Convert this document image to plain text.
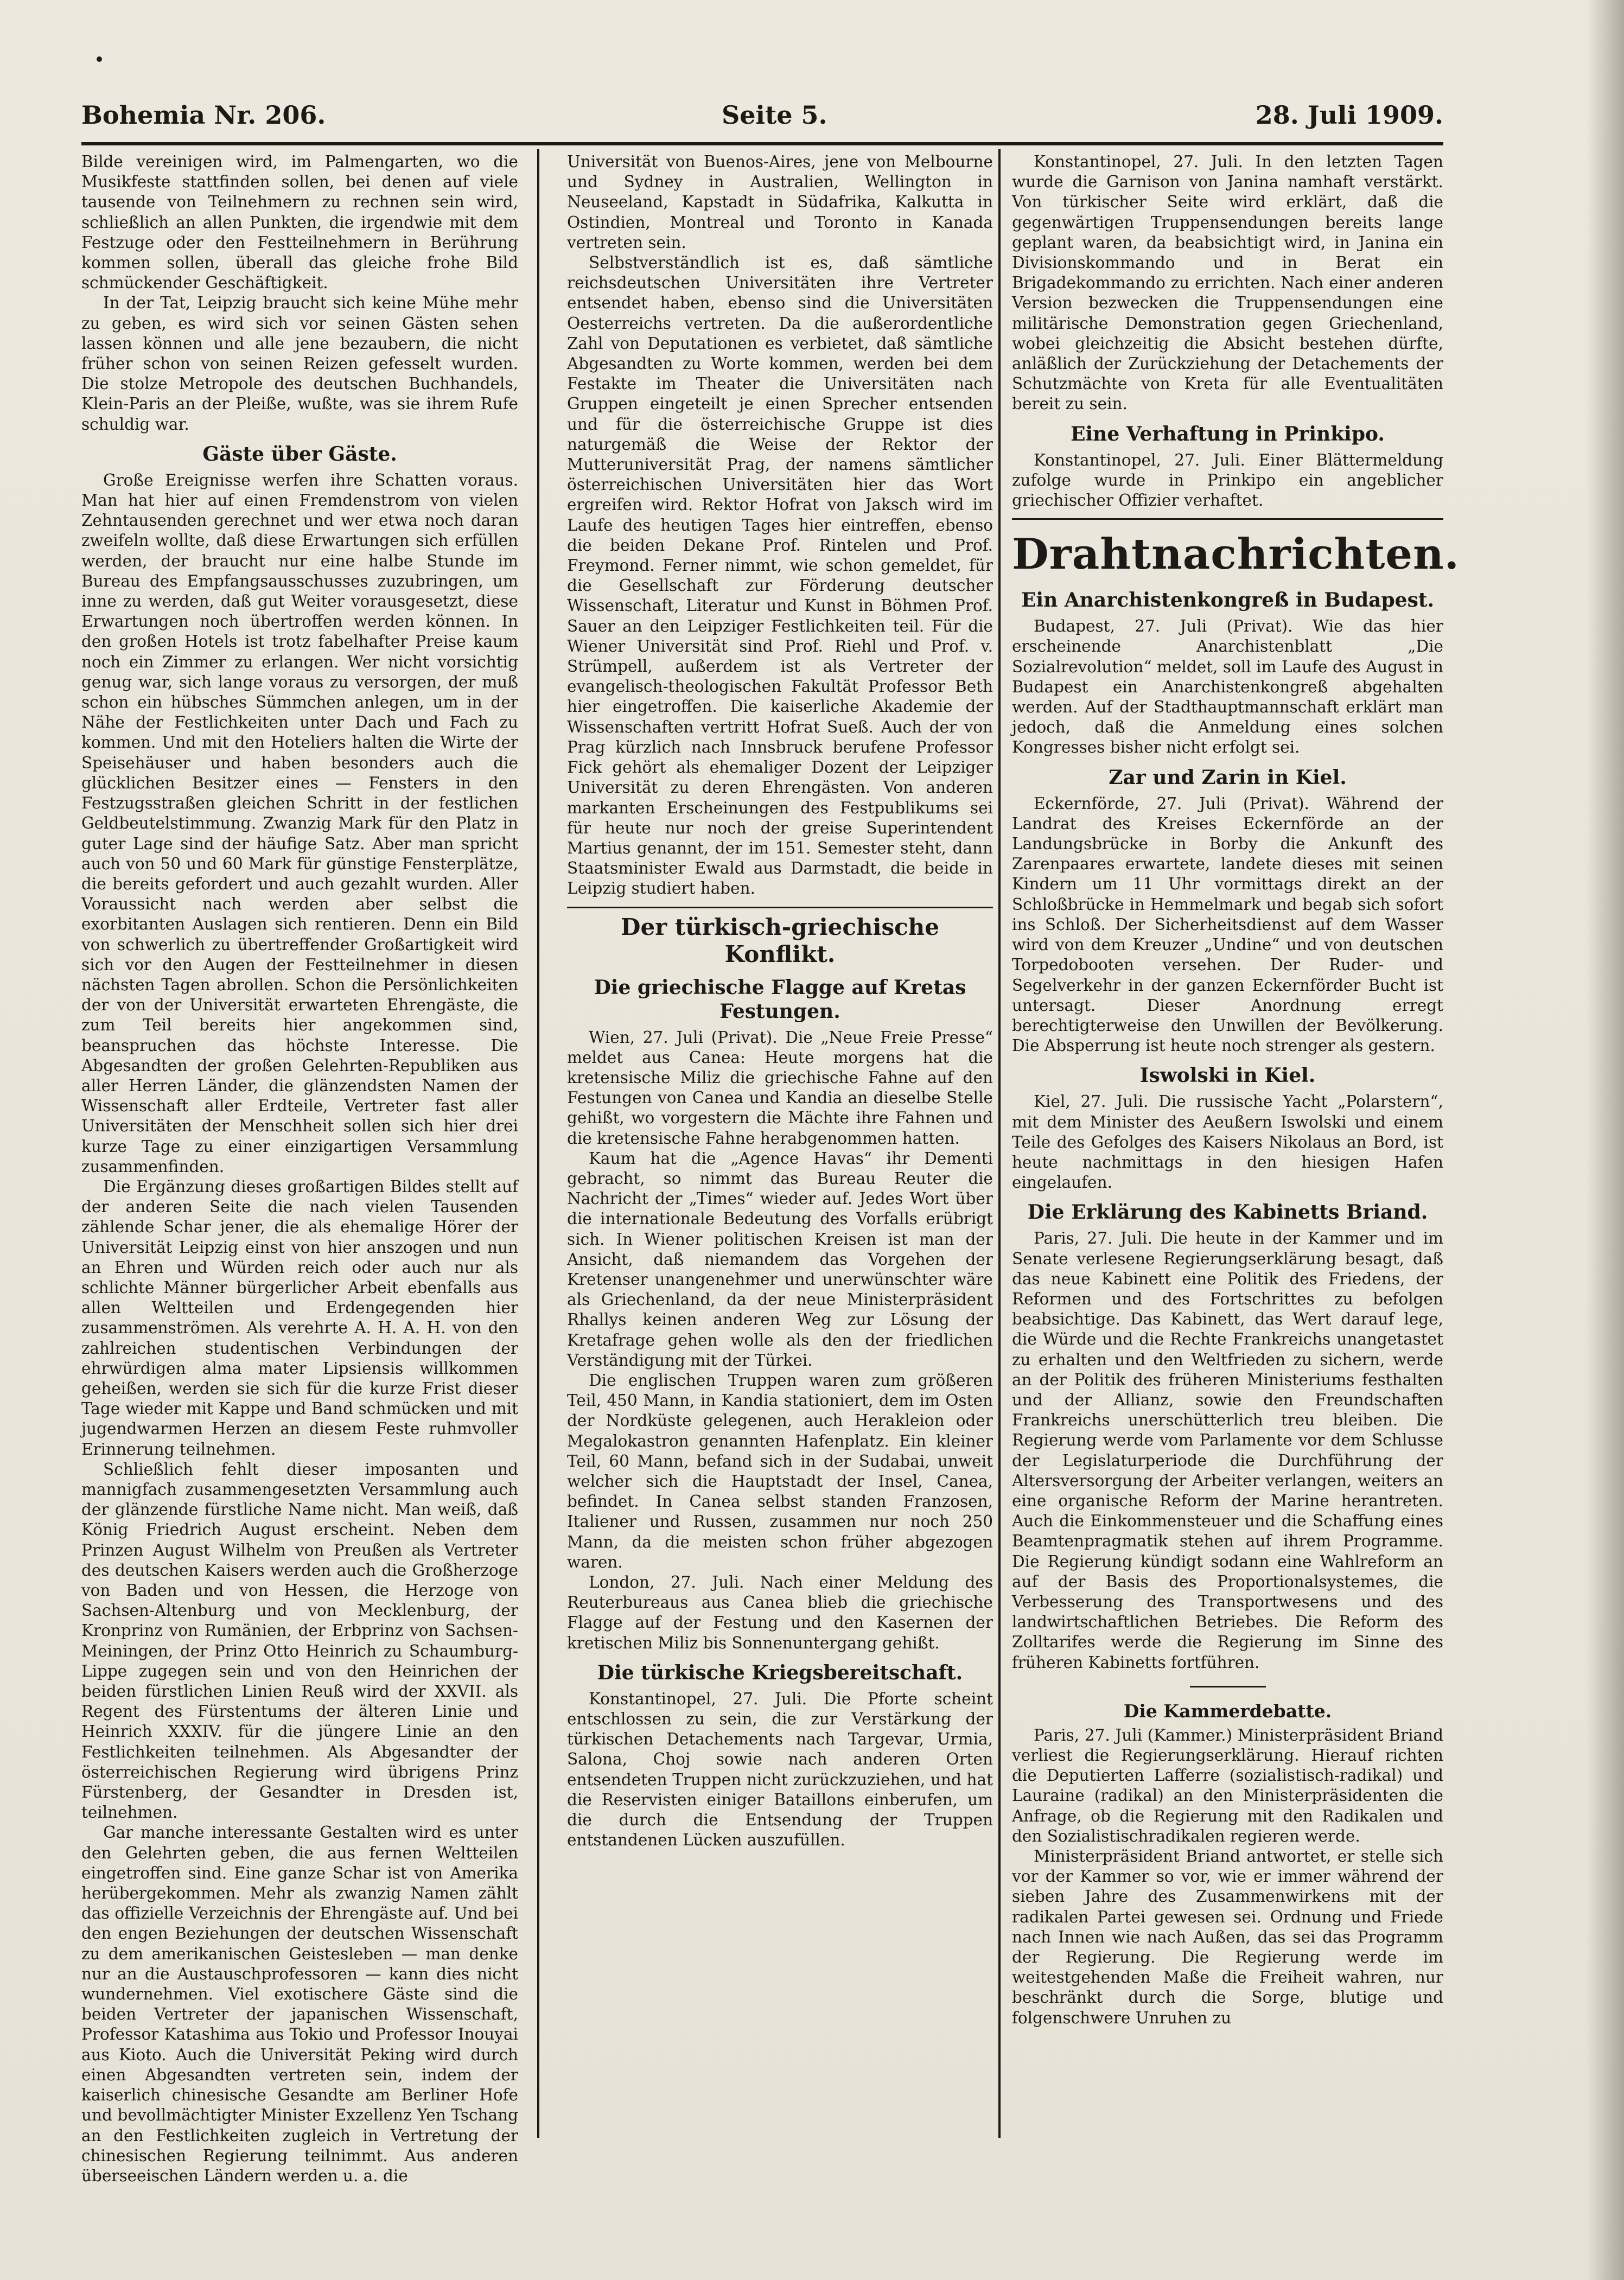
Bohemia Nr. 206.	Seite 5.	28. Juli 1909.

Bilde vereinigen wird, im Palmengarten, wo die Musikfeste stattfinden sollen, bei denen auf viele tausende von Teilnehmern zu rechnen sein wird, schließlich an allen Punkten, die irgendwie mit dem Festzuge oder den Festteilnehmern in Berührung kommen sollen, überall das gleiche frohe Bild schmückender Geschäftigkeit.

In der Tat, Leipzig braucht sich keine Mühe mehr zu geben, es wird sich vor seinen Gästen sehen lassen können und alle jene bezaubern, die nicht früher schon von seinen Reizen gefesselt wurden. Die stolze Metropole des deutschen Buchhandels, Klein-Paris an der Pleiße, wußte, was sie ihrem Rufe schuldig war.

Gäste über Gäste.

Große Ereignisse werfen ihre Schatten voraus. Man hat hier auf einen Fremdenstrom von vielen Zehntausenden gerechnet und wer etwa noch daran zweifeln wollte, daß diese Erwartungen sich erfüllen werden, der braucht nur eine halbe Stunde im Bureau des Empfangsausschusses zuzubringen, um inne zu werden, daß gut Weiter vorausgesetzt, diese Erwartungen noch übertroffen werden können. In den großen Hotels ist trotz fabelhafter Preise kaum noch ein Zimmer zu erlangen. Wer nicht vorsichtig genug war, sich lange voraus zu versorgen, der muß schon ein hübsches Sümmchen anlegen, um in der Nähe der Festlichkeiten unter Dach und Fach zu kommen. Und mit den Hoteliers halten die Wirte der Speisehäuser und haben besonders auch die glücklichen Besitzer eines — Fensters in den Festzugsstraßen gleichen Schritt in der festlichen Geldbeutelstimmung. Zwanzig Mark für den Platz in guter Lage sind der häufige Satz. Aber man spricht auch von 50 und 60 Mark für günstige Fensterplätze, die bereits gefordert und auch gezahlt wurden. Aller Voraussicht nach werden aber selbst die exorbitanten Auslagen sich rentieren. Denn ein Bild von schwerlich zu übertreffender Großartigkeit wird sich vor den Augen der Festteilnehmer in diesen nächsten Tagen abrollen. Schon die Persönlichkeiten der von der Universität erwarteten Ehrengäste, die zum Teil bereits hier angekommen sind, beanspruchen das höchste Interesse. Die Abgesandten der großen Gelehrten-Republiken aus aller Herren Länder, die glänzendsten Namen der Wissenschaft aller Erdteile, Vertreter fast aller Universitäten der Menschheit sollen sich hier drei kurze Tage zu einer einzigartigen Versammlung zusammenfinden.

Die Ergänzung dieses großartigen Bildes stellt auf der anderen Seite die nach vielen Tausenden zählende Schar jener, die als ehemalige Hörer der Universität Leipzig einst von hier anszogen und nun an Ehren und Würden reich oder auch nur als schlichte Männer bürgerlicher Arbeit ebenfalls aus allen Weltteilen und Erdengegenden hier zusammenströmen. Als verehrte A. H. A. H. von den zahlreichen studentischen Verbindungen der ehrwürdigen alma mater Lipsiensis willkommen geheißen, werden sie sich für die kurze Frist dieser Tage wieder mit Kappe und Band schmücken und mit jugendwarmen Herzen an diesem Feste ruhmvoller Erinnerung teilnehmen.

Schließlich fehlt dieser imposanten und mannigfach zusammengesetzten Versammlung auch der glänzende fürstliche Name nicht. Man weiß, daß König Friedrich August erscheint. Neben dem Prinzen August Wilhelm von Preußen als Vertreter des deutschen Kaisers werden auch die Großherzoge von Baden und von Hessen, die Herzoge von Sachsen-Altenburg und von Mecklenburg, der Kronprinz von Rumänien, der Erbprinz von Sachsen-Meiningen, der Prinz Otto Heinrich zu Schaumburg-Lippe zugegen sein und von den Heinrichen der beiden fürstlichen Linien Reuß wird der XXVII. als Regent des Fürstentums der älteren Linie und Heinrich XXXIV. für die jüngere Linie an den Festlichkeiten teilnehmen. Als Abgesandter der österreichischen Regierung wird übrigens Prinz Fürstenberg, der Gesandter in Dresden ist, teilnehmen.

Gar manche interessante Gestalten wird es unter den Gelehrten geben, die aus fernen Weltteilen eingetroffen sind. Eine ganze Schar ist von Amerika herübergekommen. Mehr als zwanzig Namen zählt das offizielle Verzeichnis der Ehrengäste auf. Und bei den engen Beziehungen der deutschen Wissenschaft zu dem amerikanischen Geistesleben — man denke nur an die Austauschprofessoren — kann dies nicht wundernehmen. Viel exotischere Gäste sind die beiden Vertreter der japanischen Wissenschaft, Professor Katashima aus Tokio und Professor Inouyai aus Kioto. Auch die Universität Peking wird durch einen Abgesandten vertreten sein, indem der kaiserlich chinesische Gesandte am Berliner Hofe und bevollmächtigter Minister Exzellenz Yen Tschang an den Festlichkeiten zugleich in Vertretung der chinesischen Regierung teilnimmt. Aus anderen überseeischen Ländern werden u. a. die

Universität von Buenos-Aires, jene von Melbourne und Sydney in Australien, Wellington in Neuseeland, Kapstadt in Südafrika, Kalkutta in Ostindien, Montreal und Toronto in Kanada vertreten sein.

Selbstverständlich ist es, daß sämtliche reichsdeutschen Universitäten ihre Vertreter entsendet haben, ebenso sind die Universitäten Oesterreichs vertreten. Da die außerordentliche Zahl von Deputationen es verbietet, daß sämtliche Abgesandten zu Worte kommen, werden bei dem Festakte im Theater die Universitäten nach Gruppen eingeteilt je einen Sprecher entsenden und für die österreichische Gruppe ist dies naturgemäß die Weise der Rektor der Mutteruniversität Prag, der namens sämtlicher österreichischen Universitäten hier das Wort ergreifen wird. Rektor Hofrat von Jaksch wird im Laufe des heutigen Tages hier eintreffen, ebenso die beiden Dekane Prof. Rintelen und Prof. Freymond. Ferner nimmt, wie schon gemeldet, für die Gesellschaft zur Förderung deutscher Wissenschaft, Literatur und Kunst in Böhmen Prof. Sauer an den Leipziger Festlichkeiten teil. Für die Wiener Universität sind Prof. Riehl und Prof. v. Strümpell, außerdem ist als Vertreter der evangelisch-theologischen Fakultät Professor Beth hier eingetroffen. Die kaiserliche Akademie der Wissenschaften vertritt Hofrat Sueß. Auch der von Prag kürzlich nach Innsbruck berufene Professor Fick gehört als ehemaliger Dozent der Leipziger Universität zu deren Ehrengästen. Von anderen markanten Erscheinungen des Festpublikums sei für heute nur noch der greise Superintendent Martius genannt, der im 151. Semester steht, dann Staatsminister Ewald aus Darmstadt, die beide in Leipzig studiert haben.

Der türkisch-griechische Konflikt.
Die griechische Flagge auf Kretas Festungen.

Wien, 27. Juli (Privat). Die „Neue Freie Presse“ meldet aus Canea: Heute morgens hat die kretensische Miliz die griechische Fahne auf den Festungen von Canea und Kandia an dieselbe Stelle gehißt, wo vorgestern die Mächte ihre Fahnen und die kretensische Fahne herabgenommen hatten.

Kaum hat die „Agence Havas“ ihr Dementi gebracht, so nimmt das Bureau Reuter die Nachricht der „Times“ wieder auf. Jedes Wort über die internationale Bedeutung des Vorfalls erübrigt sich. In Wiener politischen Kreisen ist man der Ansicht, daß niemandem das Vorgehen der Kretenser unangenehmer und unerwünschter wäre als Griechenland, da der neue Ministerpräsident Rhallys keinen anderen Weg zur Lösung der Kretafrage gehen wolle als den der friedlichen Verständigung mit der Türkei.

Die englischen Truppen waren zum größeren Teil, 450 Mann, in Kandia stationiert, dem im Osten der Nordküste gelegenen, auch Herakleion oder Megalokastron genannten Hafenplatz. Ein kleiner Teil, 60 Mann, befand sich in der Sudabai, unweit welcher sich die Hauptstadt der Insel, Canea, befindet. In Canea selbst standen Franzosen, Italiener und Russen, zusammen nur noch 250 Mann, da die meisten schon früher abgezogen waren.

London, 27. Juli. Nach einer Meldung des Reuterbureaus aus Canea blieb die griechische Flagge auf der Festung und den Kasernen der kretischen Miliz bis Sonnenuntergang gehißt.

Die türkische Kriegsbereitschaft.

Konstantinopel, 27. Juli. Die Pforte scheint entschlossen zu sein, die zur Verstärkung der türkischen Detachements nach Targevar, Urmia, Salona, Choj sowie nach anderen Orten entsendeten Truppen nicht zurückzuziehen, und hat die Reservisten einiger Bataillons einberufen, um die durch die Entsendung der Truppen entstandenen Lücken auszufüllen.

Konstantinopel, 27. Juli. In den letzten Tagen wurde die Garnison von Janina namhaft verstärkt. Von türkischer Seite wird erklärt, daß die gegenwärtigen Truppensendungen bereits lange geplant waren, da beabsichtigt wird, in Janina ein Divisionskommando und in Berat ein Brigadekommando zu errichten. Nach einer anderen Version bezwecken die Truppensendungen eine militärische Demonstration gegen Griechenland, wobei gleichzeitig die Absicht bestehen dürfte, anläßlich der Zurückziehung der Detachements der Schutzmächte von Kreta für alle Eventualitäten bereit zu sein.

Eine Verhaftung in Prinkipo.

Konstantinopel, 27. Juli. Einer Blättermeldung zufolge wurde in Prinkipo ein angeblicher griechischer Offizier verhaftet.

Drahtnachrichten.
Ein Anarchistenkongreß in Budapest.

Budapest, 27. Juli (Privat). Wie das hier erscheinende Anarchistenblatt „Die Sozialrevolution“ meldet, soll im Laufe des August in Budapest ein Anarchistenkongreß abgehalten werden. Auf der Stadthauptmannschaft erklärt man jedoch, daß die Anmeldung eines solchen Kongresses bisher nicht erfolgt sei.

Zar und Zarin in Kiel.

Eckernförde, 27. Juli (Privat). Während der Landrat des Kreises Eckernförde an der Landungsbrücke in Borby die Ankunft des Zarenpaares erwartete, landete dieses mit seinen Kindern um 11 Uhr vormittags direkt an der Schloßbrücke in Hemmelmark und begab sich sofort ins Schloß. Der Sicherheitsdienst auf dem Wasser wird von dem Kreuzer „Undine“ und von deutschen Torpedobooten versehen. Der Ruder- und Segelverkehr in der ganzen Eckernförder Bucht ist untersagt. Dieser Anordnung erregt berechtigterweise den Unwillen der Bevölkerung. Die Absperrung ist heute noch strenger als gestern.

Iswolski in Kiel.

Kiel, 27. Juli. Die russische Yacht „Polarstern“, mit dem Minister des Aeußern Iswolski und einem Teile des Gefolges des Kaisers Nikolaus an Bord, ist heute nachmittags in den hiesigen Hafen eingelaufen.

Die Erklärung des Kabinetts Briand.

Paris, 27. Juli. Die heute in der Kammer und im Senate verlesene Regierungserklärung besagt, daß das neue Kabinett eine Politik des Friedens, der Reformen und des Fortschrittes zu befolgen beabsichtige. Das Kabinett, das Wert darauf lege, die Würde und die Rechte Frankreichs unangetastet zu erhalten und den Weltfrieden zu sichern, werde an der Politik des früheren Ministeriums festhalten und der Allianz, sowie den Freundschaften Frankreichs unerschütterlich treu bleiben. Die Regierung werde vom Parlamente vor dem Schlusse der Legislaturperiode die Durchführung der Altersversorgung der Arbeiter verlangen, weiters an eine organische Reform der Marine herantreten. Auch die Einkommensteuer und die Schaffung eines Beamtenpragmatik stehen auf ihrem Programme. Die Regierung kündigt sodann eine Wahlreform an auf der Basis des Proportionalsystemes, die Verbesserung des Transportwesens und des landwirtschaftlichen Betriebes. Die Reform des Zolltarifes werde die Regierung im Sinne des früheren Kabinetts fortführen.

Die Kammerdebatte.

Paris, 27. Juli (Kammer.) Ministerpräsident Briand verliest die Regierungserklärung. Hierauf richten die Deputierten Lafferre (sozialistisch-radikal) und Lauraine (radikal) an den Ministerpräsidenten die Anfrage, ob die Regierung mit den Radikalen und den Sozialistischradikalen regieren werde.

Ministerpräsident Briand antwortet, er stelle sich vor der Kammer so vor, wie er immer während der sieben Jahre des Zusammenwirkens mit der radikalen Partei gewesen sei. Ordnung und Friede nach Innen wie nach Außen, das sei das Programm der Regierung. Die Regierung werde im weitestgehenden Maße die Freiheit wahren, nur beschränkt durch die Sorge, blutige und folgenschwere Unruhen zu
